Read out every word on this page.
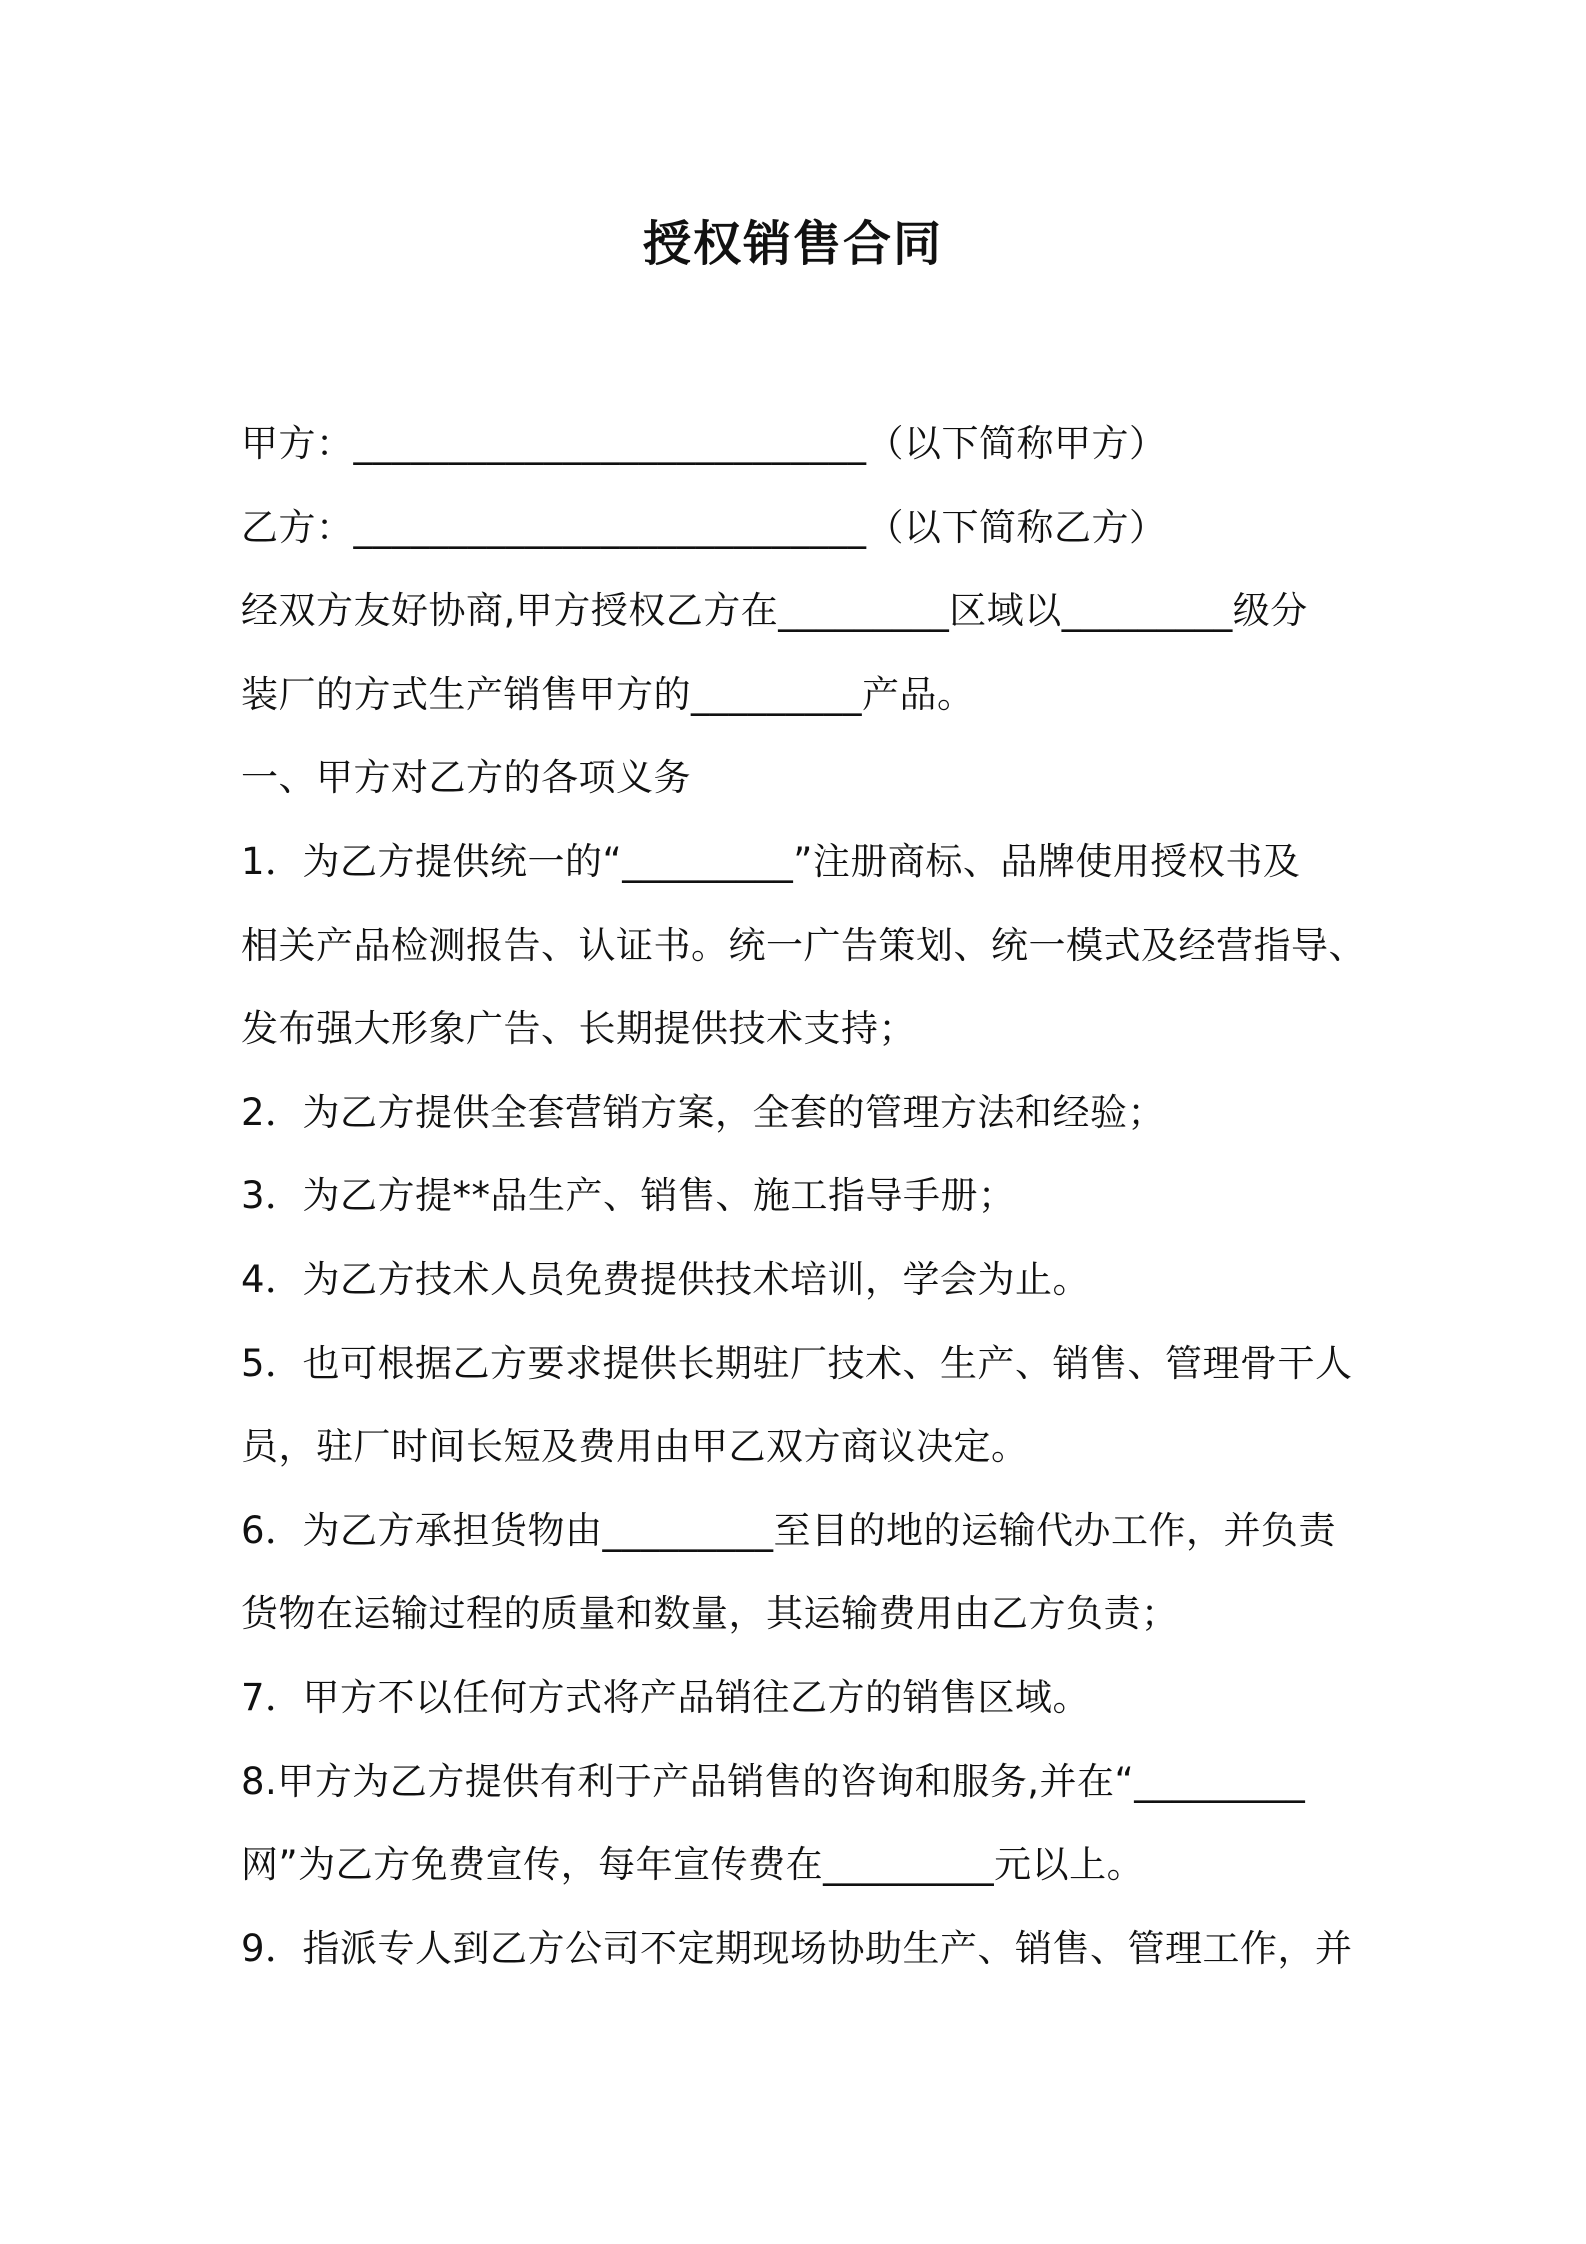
授权销售合同
甲方：___________________________（以下简称甲方）
乙方：___________________________（以下简称乙方）
经双方友好协商,甲方授权乙方在_________区域以_________级分
装厂的方式生产销售甲方的_________产品。
一、甲方对乙方的各项义务
1．为乙方提供统一的“_________”注册商标、品牌使用授权书及
相关产品检测报告、认证书。统一广告策划、统一模式及经营指导、
发布强大形象广告、长期提供技术支持；
2．为乙方提供全套营销方案，全套的管理方法和经验；
3．为乙方提**品生产、销售、施工指导手册；
4．为乙方技术人员免费提供技术培训，学会为止。
5．也可根据乙方要求提供长期驻厂技术、生产、销售、管理骨干人
员，驻厂时间长短及费用由甲乙双方商议决定。
6．为乙方承担货物由_________至目的地的运输代办工作，并负责
货物在运输过程的质量和数量，其运输费用由乙方负责；
7．甲方不以任何方式将产品销往乙方的销售区域。
8.甲方为乙方提供有利于产品销售的咨询和服务,并在“_________
网”为乙方免费宣传，每年宣传费在_________元以上。
9．指派专人到乙方公司不定期现场协助生产、销售、管理工作，并
